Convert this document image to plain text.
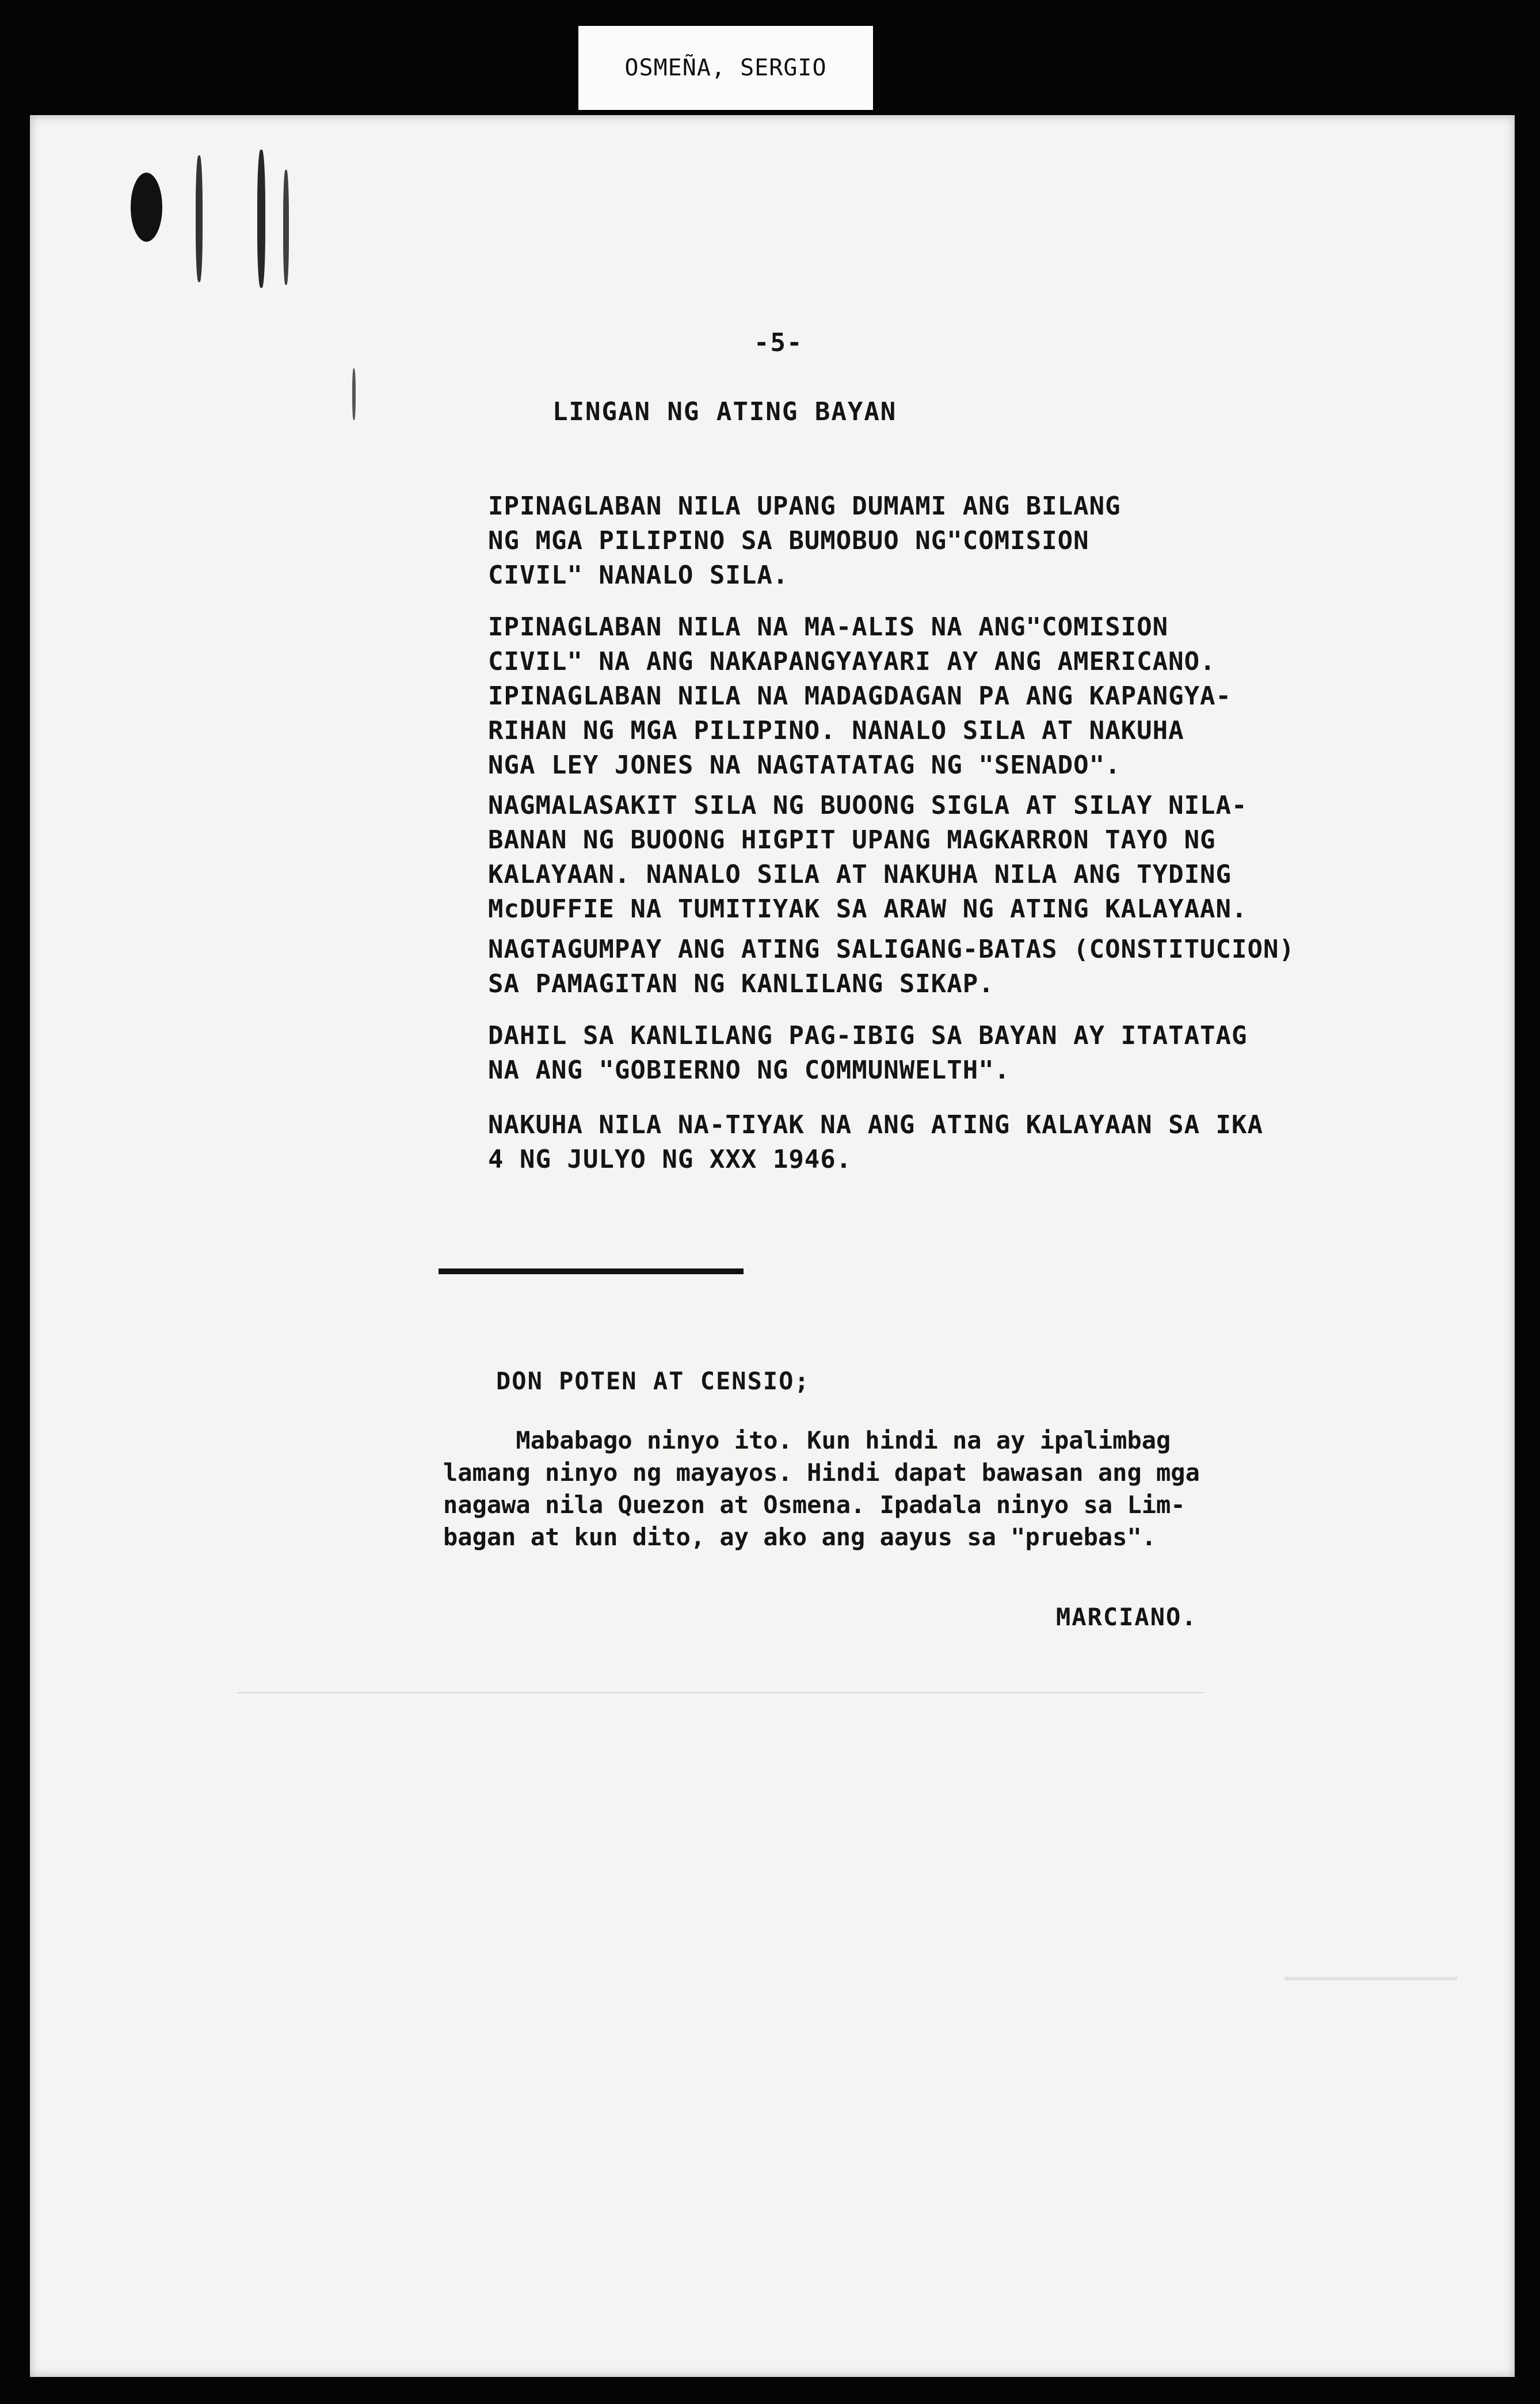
OSMEÑA, SERGIO
-5-
LINGAN NG ATING BAYAN
IPINAGLABAN NILA UPANG DUMAMI ANG BILANG
NG MGA PILIPINO SA BUMOBUO NG"COMISION
CIVIL" NANALO SILA.
IPINAGLABAN NILA NA MA-ALIS NA ANG"COMISION
CIVIL" NA ANG NAKAPANGYAYARI AY ANG AMERICANO.
IPINAGLABAN NILA NA MADAGDAGAN PA ANG KAPANGYA-
RIHAN NG MGA PILIPINO. NANALO SILA AT NAKUHA
NGA LEY JONES NA NAGTATATAG NG "SENADO".
NAGMALASAKIT SILA NG BUOONG SIGLA AT SILAY NILA-
BANAN NG BUOONG HIGPIT UPANG MAGKARRON TAYO NG
KALAYAAN. NANALO SILA AT NAKUHA NILA ANG TYDING
McDUFFIE NA TUMITIYAK SA ARAW NG ATING KALAYAAN.
NAGTAGUMPAY ANG ATING SALIGANG-BATAS (CONSTITUCION)
SA PAMAGITAN NG KANLILANG SIKAP.
DAHIL SA KANLILANG PAG-IBIG SA BAYAN AY ITATATAG
NA ANG "GOBIERNO NG COMMUNWELTH".
NAKUHA NILA NA-TIYAK NA ANG ATING KALAYAAN SA IKA
4 NG JULYO NG XXX 1946.
DON POTEN AT CENSIO;
Mababago ninyo ito. Kun hindi na ay ipalimbag
lamang ninyo ng mayayos. Hindi dapat bawasan ang mga
nagawa nila Quezon at Osmena. Ipadala ninyo sa Lim-
bagan at kun dito, ay ako ang aayus sa "pruebas".
MARCIANO.
